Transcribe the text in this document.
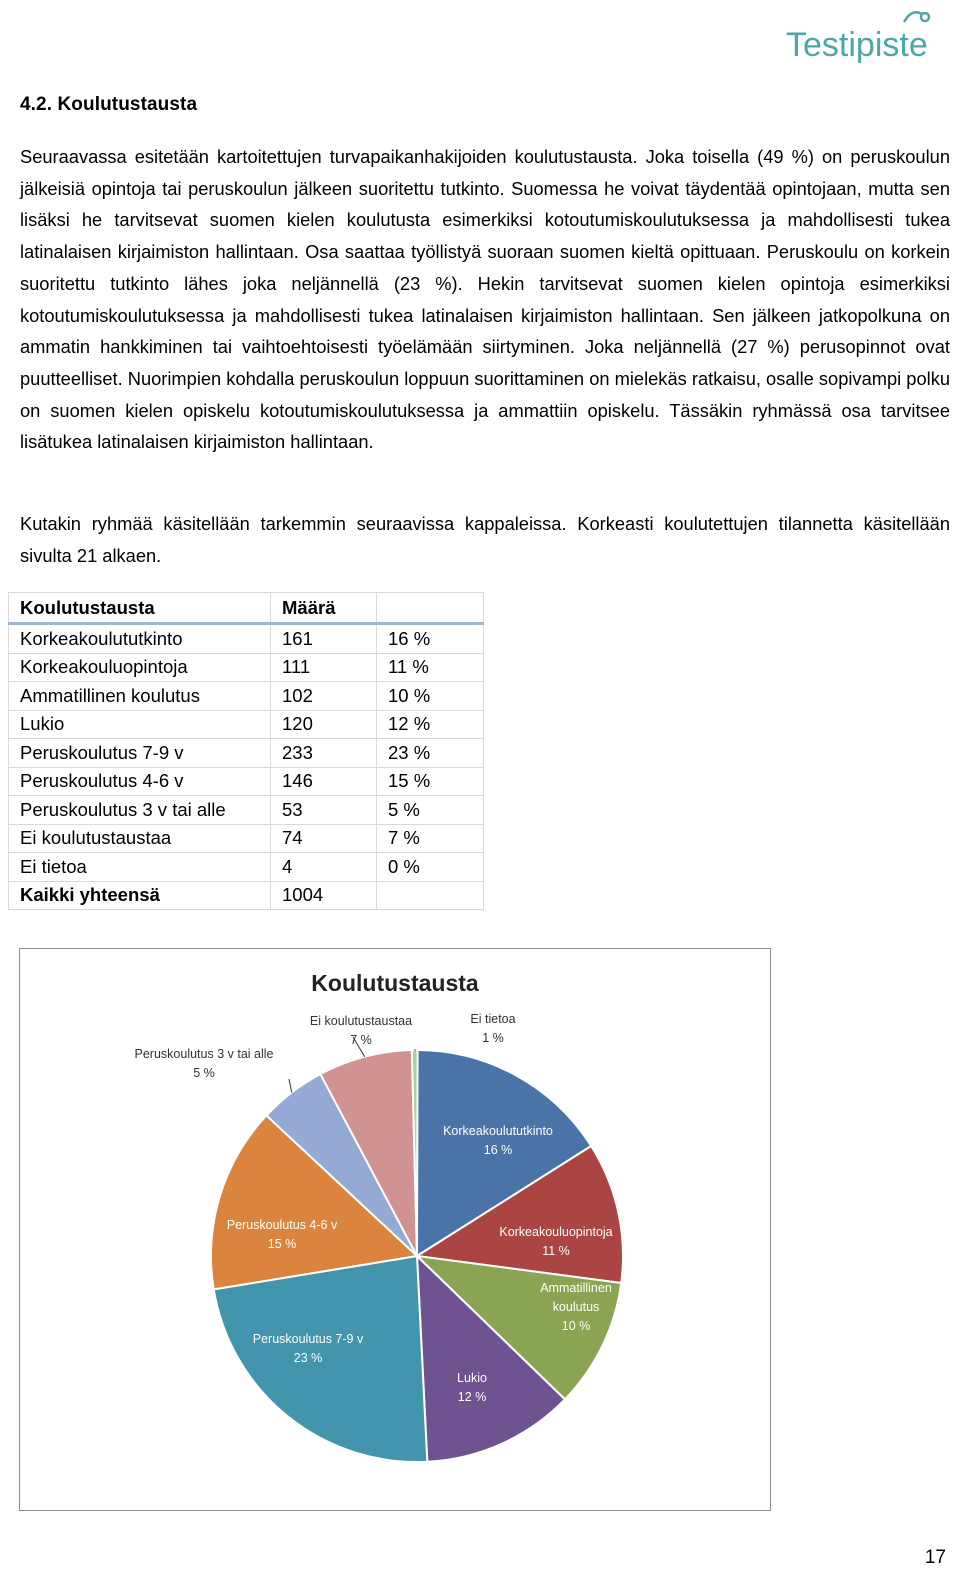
Testipiste
4.2. Koulutustausta

Seuraavassa esitetään kartoitettujen turvapaikanhakijoiden koulutustausta. Joka toisella (49 %) on peruskoulun jälkeisiä opintoja tai peruskoulun jälkeen suoritettu tutkinto. Suomessa he voivat täydentää opintojaan, mutta sen lisäksi he tarvitsevat suomen kielen koulutusta esimerkiksi kotoutumiskoulutuksessa ja mahdollisesti tukea latinalaisen kirjaimiston hallintaan. Osa saattaa työllistyä suoraan suomen kieltä opittuaan. Peruskoulu on korkein suoritettu tutkinto lähes joka neljännellä (23 %). Hekin tarvitsevat suomen kielen opintoja esimerkiksi kotoutumiskoulutuksessa ja mahdollisesti tukea latinalaisen kirjaimiston hallintaan. Sen jälkeen jatkopolkuna on ammatin hankkiminen tai vaihtoehtoisesti työelämään siirtyminen. Joka neljännellä (27 %) perusopinnot ovat puutteelliset. Nuorimpien kohdalla peruskoulun loppuun suorittaminen on mielekäs ratkaisu, osalle sopivampi polku on suomen kielen opiskelu kotoutumiskoulutuksessa ja ammattiin opiskelu. Tässäkin ryhmässä osa tarvitsee lisätukea latinalaisen kirjaimiston hallintaan.

Kutakin ryhmää käsitellään tarkemmin seuraavissa kappaleissa. Korkeasti koulutettujen tilannetta käsitellään sivulta 21 alkaen.

Koulutustausta	Määrä	
Korkeakoulututkinto	161	16 %
Korkeakouluopintoja	111	11 %
Ammatillinen koulutus	102	10 %
Lukio	120	12 %
Peruskoulutus 7-9 v	233	23 %
Peruskoulutus 4-6 v	146	15 %
Peruskoulutus 3 v tai alle	53	5 %
Ei koulutustaustaa	74	7 %
Ei tietoa	4	0 %
Kaikki yhteensä	1004	
Koulutustausta
Korkeakoulututkinto 16 %
Korkeakouluopintoja 11 %
Ammatillinen koulutus 10 %
Lukio 12 %
Peruskoulutus 7-9 v 23 %
Peruskoulutus 4-6 v 15 %
Peruskoulutus 3 v tai alle 5 %
Ei koulutustaustaa 7 %
Ei tietoa 1 %
17
